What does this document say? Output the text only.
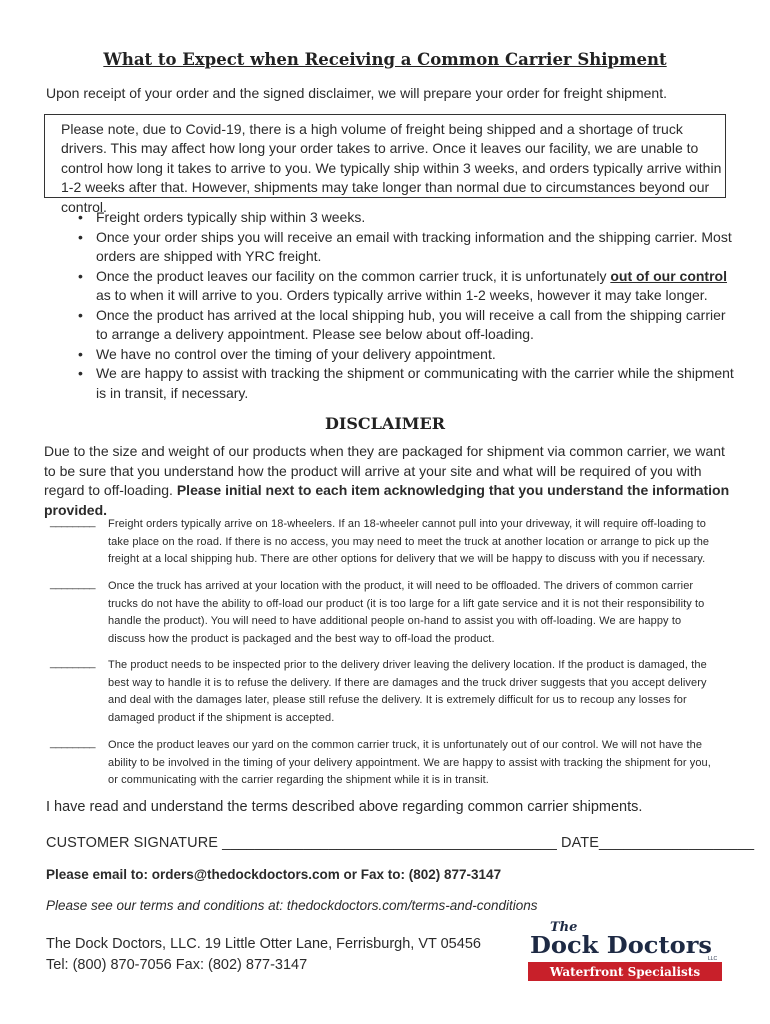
What to Expect when Receiving a Common Carrier Shipment
Upon receipt of your order and the signed disclaimer, we will prepare your order for freight shipment.
Please note, due to Covid-19, there is a high volume of freight being shipped and a shortage of truck drivers. This may affect how long your order takes to arrive. Once it leaves our facility, we are unable to control how long it takes to arrive to you. We typically ship within 3 weeks, and orders typically arrive within 1-2 weeks after that. However, shipments may take longer than normal due to circumstances beyond our control.
• Freight orders typically ship within 3 weeks.
• Once your order ships you will receive an email with tracking information and the shipping carrier. Most orders are shipped with YRC freight.
• Once the product leaves our facility on the common carrier truck, it is unfortunately out of our control as to when it will arrive to you. Orders typically arrive within 1-2 weeks, however it may take longer.
• Once the product has arrived at the local shipping hub, you will receive a call from the shipping carrier to arrange a delivery appointment. Please see below about off-loading.
• We have no control over the timing of your delivery appointment.
• We are happy to assist with tracking the shipment or communicating with the carrier while the shipment is in transit, if necessary.
DISCLAIMER
Due to the size and weight of our products when they are packaged for shipment via common carrier, we want to be sure that you understand how the product will arrive at your site and what will be required of you with regard to off-loading. Please initial next to each item acknowledging that you understand the information provided.
________ Freight orders typically arrive on 18-wheelers. If an 18-wheeler cannot pull into your driveway, it will require off-loading to take place on the road. If there is no access, you may need to meet the truck at another location or arrange to pick up the freight at a local shipping hub. There are other options for delivery that we will be happy to discuss with you if necessary.
________ Once the truck has arrived at your location with the product, it will need to be offloaded. The drivers of common carrier trucks do not have the ability to off-load our product (it is too large for a lift gate service and it is not their responsibility to handle the product). You will need to have additional people on-hand to assist you with off-loading. We are happy to discuss how the product is packaged and the best way to off-load the product.
________ The product needs to be inspected prior to the delivery driver leaving the delivery location. If the product is damaged, the best way to handle it is to refuse the delivery. If there are damages and the truck driver suggests that you accept delivery and deal with the damages later, please still refuse the delivery. It is extremely difficult for us to recoup any losses for damaged product if the shipment is accepted.
________ Once the product leaves our yard on the common carrier truck, it is unfortunately out of our control. We will not have the ability to be involved in the timing of your delivery appointment. We are happy to assist with tracking the shipment for you, or communicating with the carrier regarding the shipment while it is in transit.
I have read and understand the terms described above regarding common carrier shipments.
CUSTOMER SIGNATURE _________________________________________ DATE___________________
Please email to: orders@thedockdoctors.com or Fax to: (802) 877-3147
Please see our terms and conditions at: thedockdoctors.com/terms-and-conditions
The Dock Doctors, LLC. 19 Little Otter Lane, Ferrisburgh, VT 05456
Tel: (800) 870-7056 Fax: (802) 877-3147
The
Dock Doctors
LLC
Waterfront Specialists
